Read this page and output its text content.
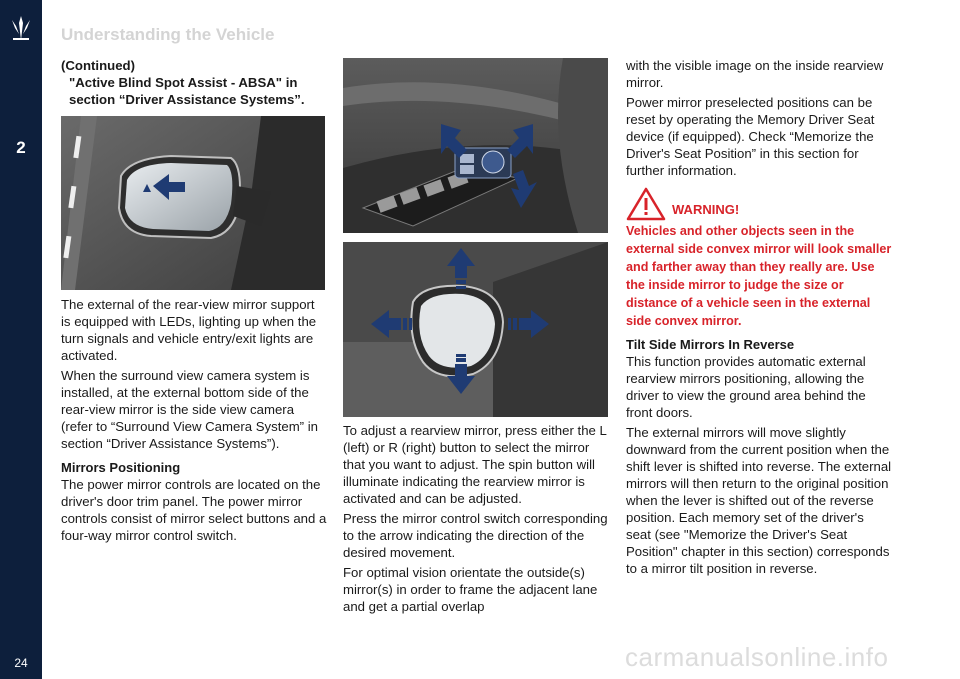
2
24
Understanding the Vehicle

(Continued)

"Active Blind Spot Assist - ABSA" in section “Driver Assistance Systems”.

The external of the rear-view mirror support is equipped with LEDs, lighting up when the turn signals and vehicle entry/exit lights are activated.

When the surround view camera system is installed, at the external bottom side of the rear-view mirror is the side view camera (refer to “Surround View Camera System” in section “Driver Assistance Systems”).

Mirrors Positioning

The power mirror controls are located on the driver's door trim panel. The power mirror controls consist of mirror select buttons and a four-way mirror control switch.

To adjust a rearview mirror, press either the L (left) or R (right) button to select the mirror that you want to adjust. The spin button will illuminate indicating the rearview mirror is activated and can be adjusted.

Press the mirror control switch corresponding to the arrow indicating the direction of the desired movement.

For optimal vision orientate the outside(s) mirror(s) in order to frame the adjacent lane and get a partial overlap

with the visible image on the inside rearview mirror.

Power mirror preselected positions can be reset by operating the Memory Driver Seat device (if equipped). Check “Memorize the Driver's Seat Position” in this section for further information.

WARNING!

Vehicles and other objects seen in the external side convex mirror will look smaller and farther away than they really are. Use the inside mirror to judge the size or distance of a vehicle seen in the external side convex mirror.

Tilt Side Mirrors In Reverse

This function provides automatic external rearview mirrors positioning, allowing the driver to view the ground area behind the front doors.

The external mirrors will move slightly downward from the current position when the shift lever is shifted into reverse. The external mirrors will then return to the original position when the lever is shifted out of the reverse position. Each memory set of the driver's seat (see "Memorize the Driver's Seat Position" chapter in this section) corresponds to a mirror tilt position in reverse.

carmanualsonline.info
